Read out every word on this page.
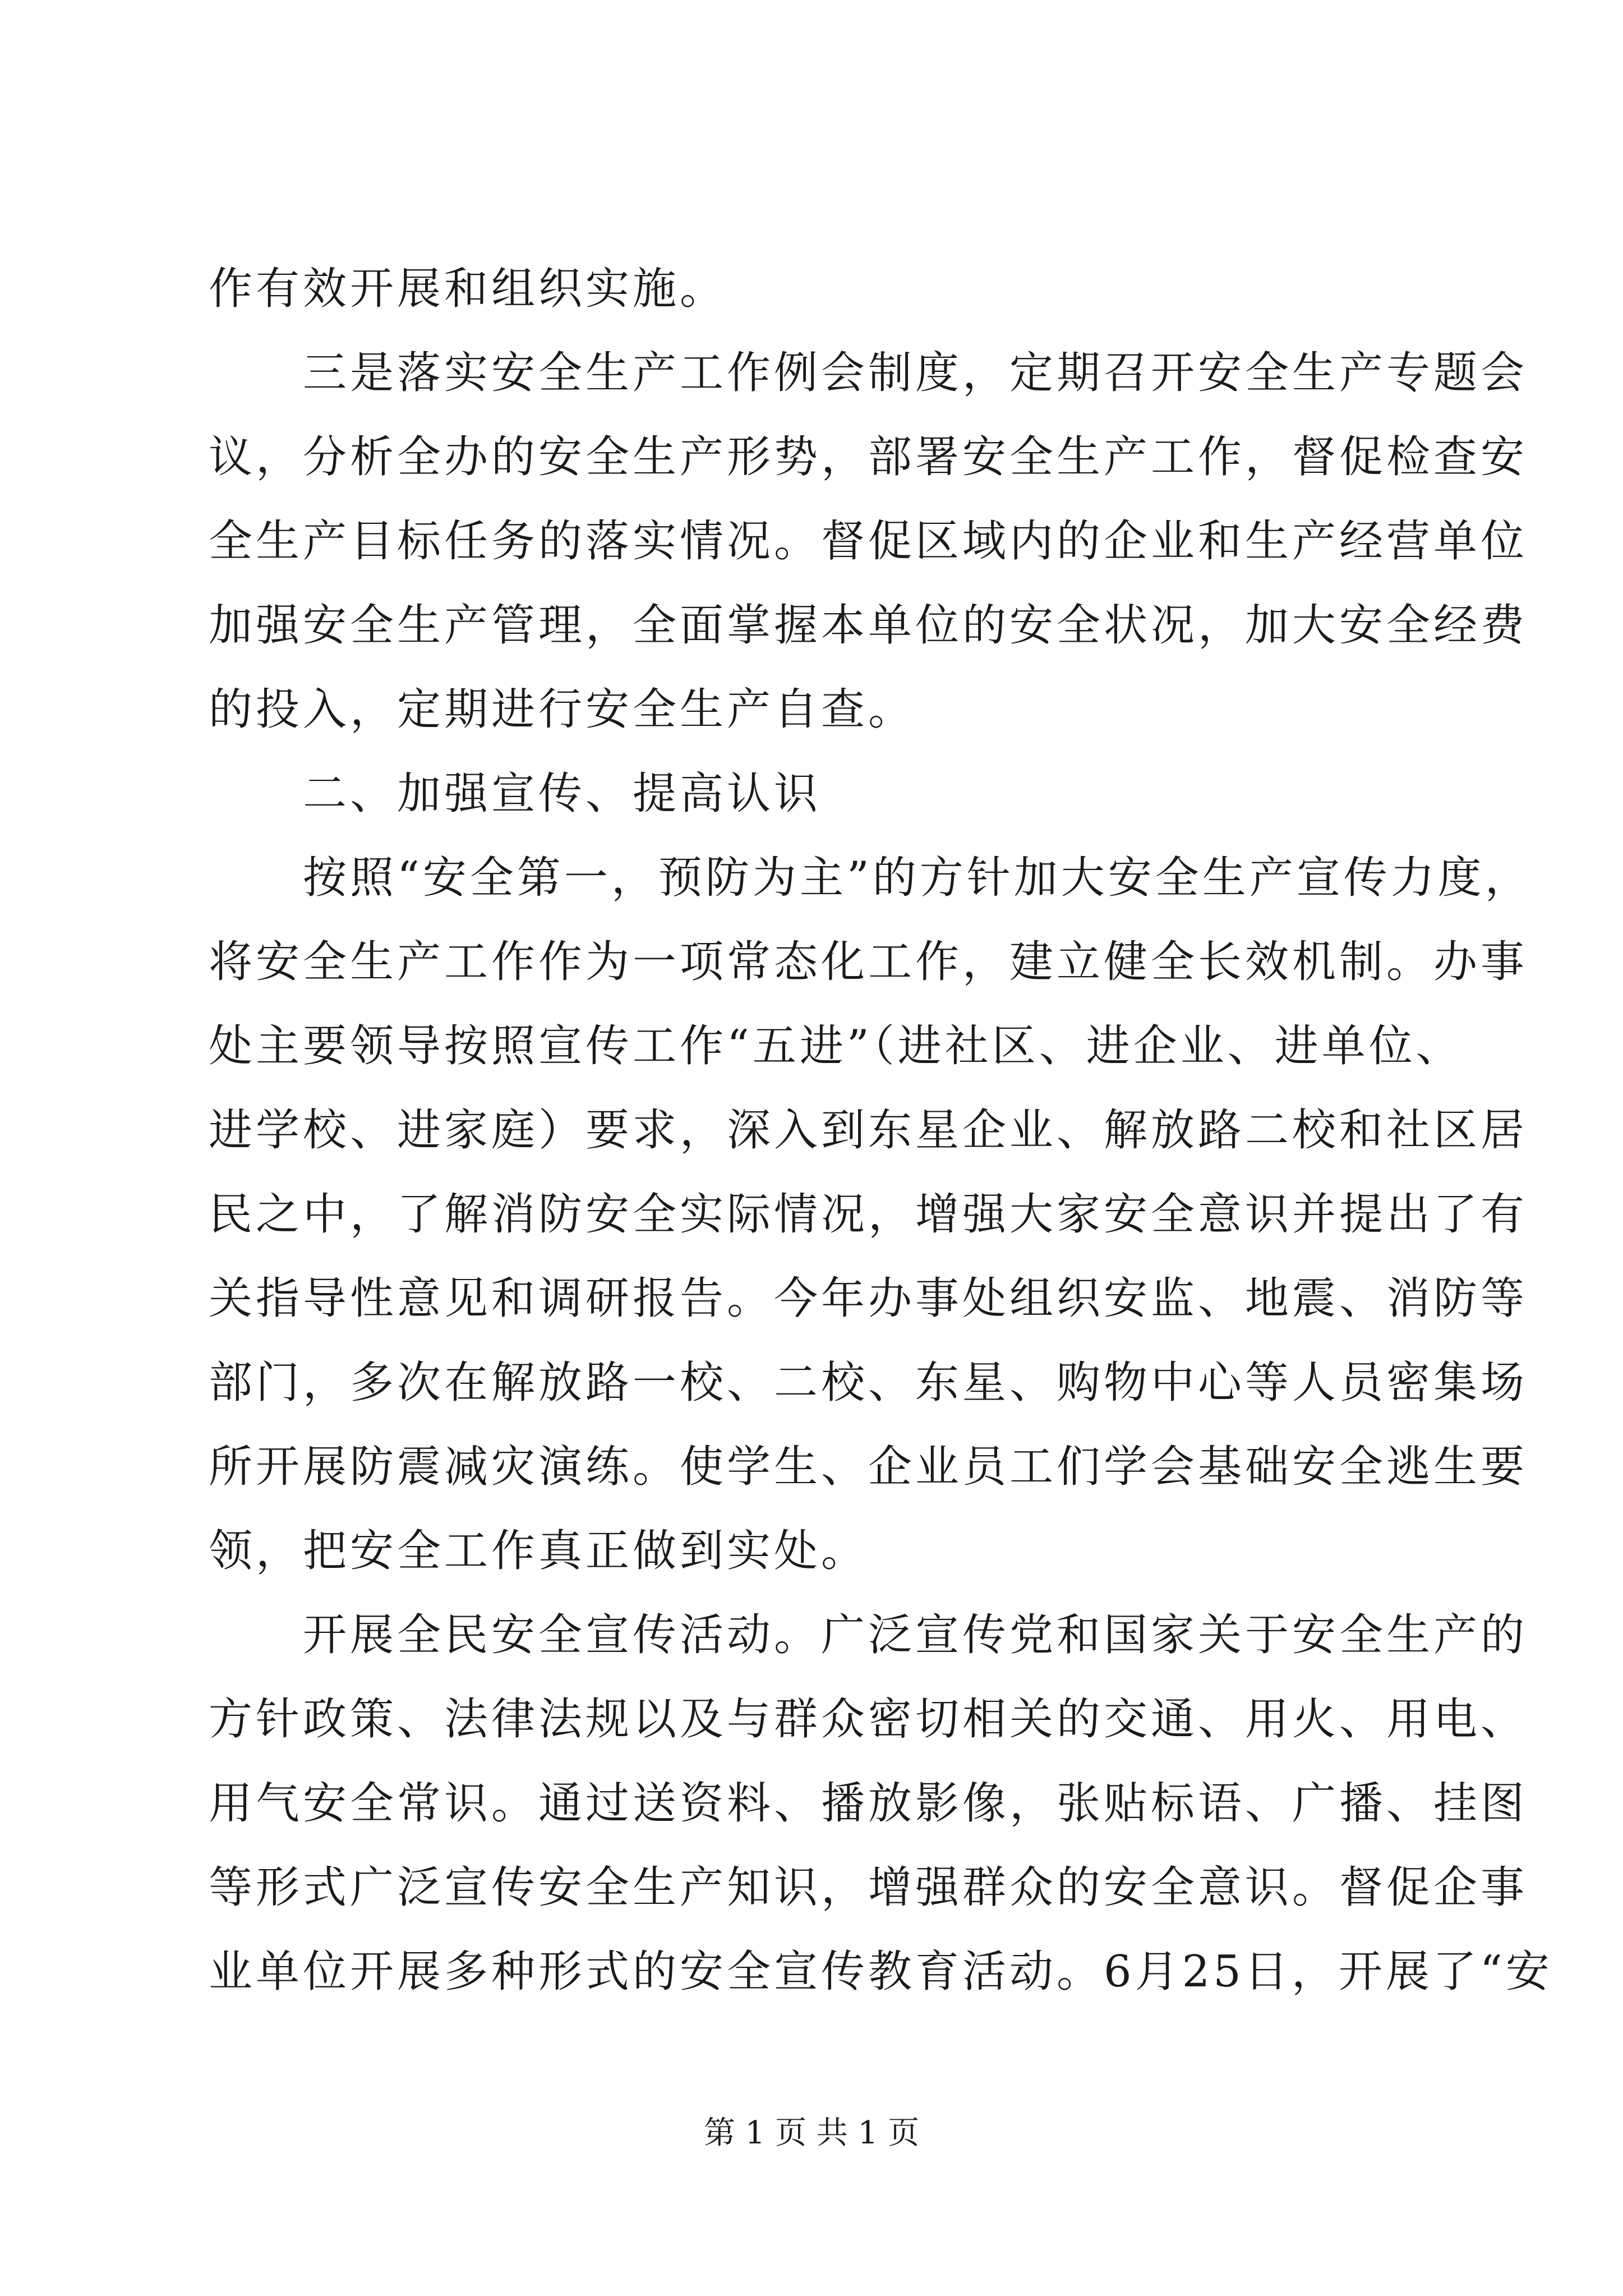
作有效开展和组织实施。
三是落实安全生产工作例会制度，定期召开安全生产专题会
议，分析全办的安全生产形势，部署安全生产工作，督促检查安
全生产目标任务的落实情况。督促区域内的企业和生产经营单位
加强安全生产管理，全面掌握本单位的安全状况，加大安全经费
的投入，定期进行安全生产自查。
二、加强宣传、提高认识
按照“安全第一，预防为主”的方针加大安全生产宣传力度，
将安全生产工作作为一项常态化工作，建立健全长效机制。办事
处主要领导按照宣传工作“五进”（进社区、进企业、进单位、
进学校、进家庭）要求，深入到东星企业、解放路二校和社区居
民之中，了解消防安全实际情况，增强大家安全意识并提出了有
关指导性意见和调研报告。今年办事处组织安监、地震、消防等
部门，多次在解放路一校、二校、东星、购物中心等人员密集场
所开展防震减灾演练。使学生、企业员工们学会基础安全逃生要
领，把安全工作真正做到实处。
开展全民安全宣传活动。广泛宣传党和国家关于安全生产的
方针政策、法律法规以及与群众密切相关的交通、用火、用电、
用气安全常识。通过送资料、播放影像，张贴标语、广播、挂图
等形式广泛宣传安全生产知识，增强群众的安全意识。督促企事
业单位开展多种形式的安全宣传教育活动。6月25日，开展了“安
第 1 页 共 1 页
